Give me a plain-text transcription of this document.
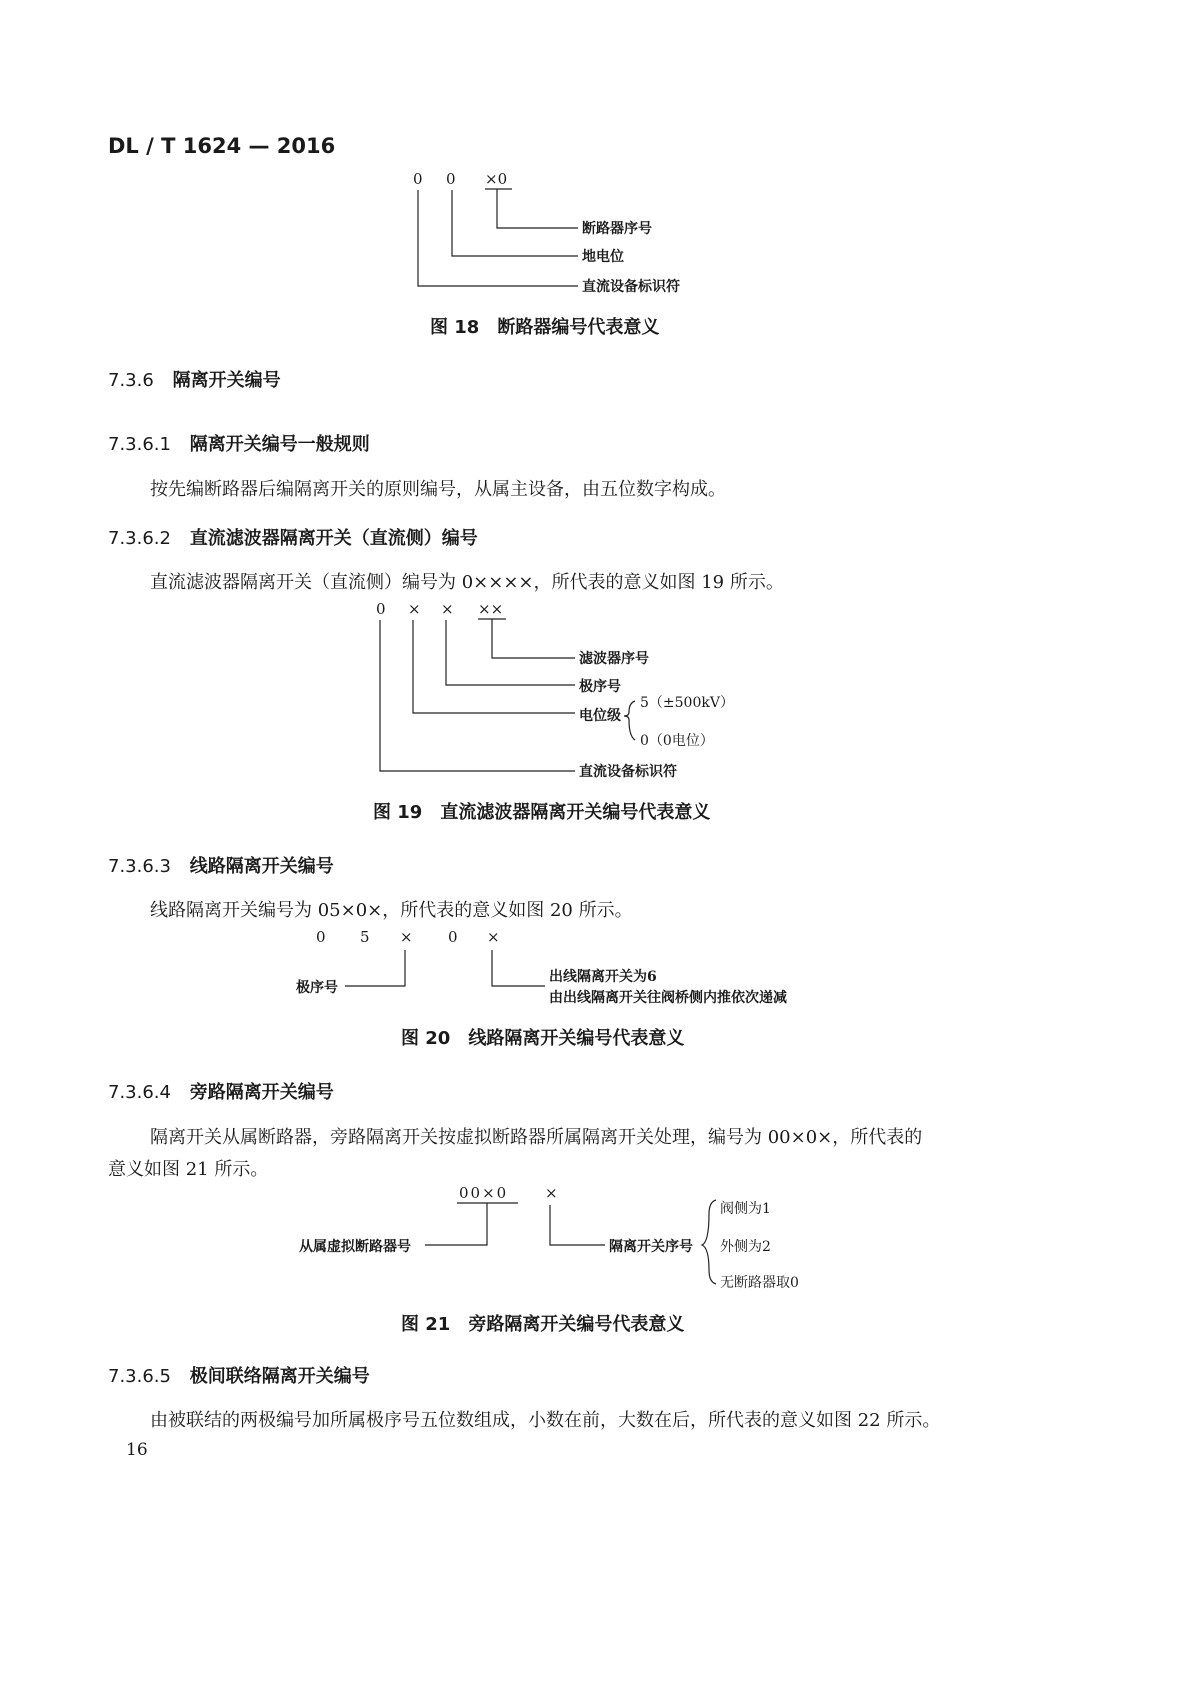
DL / T 1624 — 2016
0 0 ×0
断路器序号
地电位
直流设备标识符
图 18 断路器编号代表意义
7.3.6 隔离开关编号
7.3.6.1 隔离开关编号一般规则
按先编断路器后编隔离开关的原则编号，从属主设备，由五位数字构成。
7.3.6.2 直流滤波器隔离开关（直流侧）编号
直流滤波器隔离开关（直流侧）编号为 0××××，所代表的意义如图 19 所示。
0 × × ××
滤波器序号
极序号
电位级
直流设备标识符
5（±500kV）
0（0电位）
图 19 直流滤波器隔离开关编号代表意义
7.3.6.3 线路隔离开关编号
线路隔离开关编号为 05×0×，所代表的意义如图 20 所示。
0 5 × 0 ×
极序号
出线隔离开关为6
由出线隔离开关往阀桥侧内推依次递减
图 20 线路隔离开关编号代表意义
7.3.6.4 旁路隔离开关编号
隔离开关从属断路器，旁路隔离开关按虚拟断路器所属隔离开关处理，编号为 00×0×，所代表的
意义如图 21 所示。
00×0 ×
从属虚拟断路器号	隔离开关序号
阀侧为1
外侧为2
无断路器取0
图 21 旁路隔离开关编号代表意义
7.3.6.5 极间联络隔离开关编号
由被联结的两极编号加所属极序号五位数组成，小数在前，大数在后，所代表的意义如图 22 所示。
16
